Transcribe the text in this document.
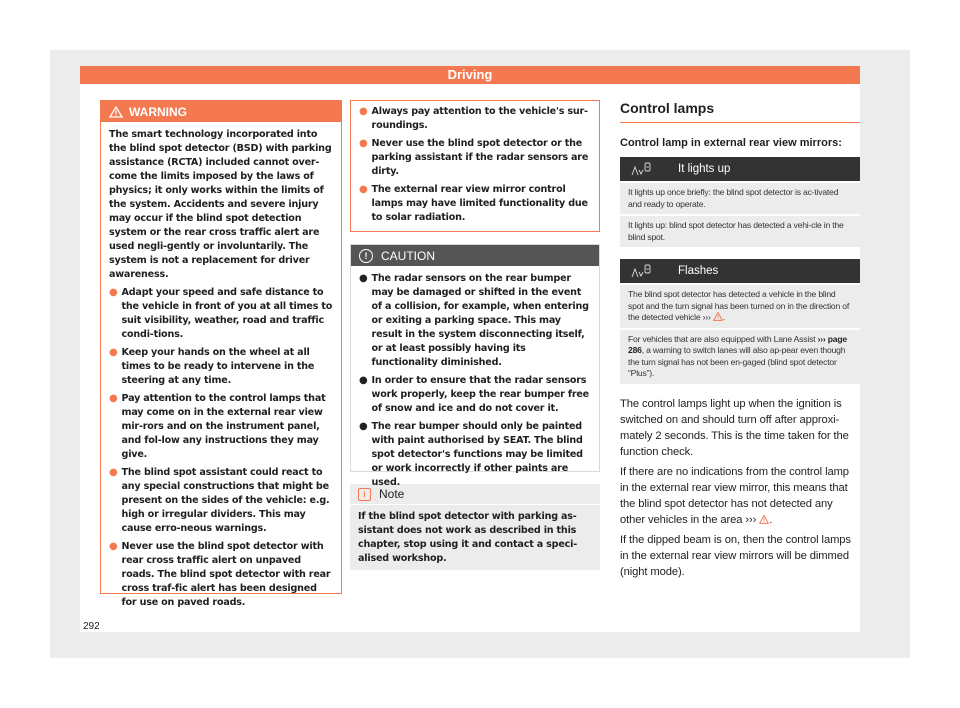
Driving
WARNING

The smart technology incorporated into the blind spot detector (BSD) with parking assistance (RCTA) included cannot over-come the limits imposed by the laws of physics; it only works within the limits of the system. Accidents and severe injury may occur if the blind spot detection system or the rear cross traffic alert are used negli-gently or involuntarily. The system is not a replacement for driver awareness.

● Adapt your speed and safe distance to the vehicle in front of you at all times to suit visibility, weather, road and traffic condi-tions.
● Keep your hands on the wheel at all times to be ready to intervene in the steering at any time.
● Pay attention to the control lamps that may come on in the external rear view mir-rors and on the instrument panel, and fol-low any instructions they may give.
● The blind spot assistant could react to any special constructions that might be present on the sides of the vehicle: e.g. high or irregular dividers. This may cause erro-neous warnings.
● Never use the blind spot detector with rear cross traffic alert on unpaved roads. The blind spot detector with rear cross traf-fic alert has been designed for use on paved roads.
● Always pay attention to the vehicle's sur-roundings.
● Never use the blind spot detector or the parking assistant if the radar sensors are dirty.
● The external rear view mirror control lamps may have limited functionality due to solar radiation.
!	CAUTION
● The radar sensors on the rear bumper may be damaged or shifted in the event of a collision, for example, when entering or exiting a parking space. This may result in the system disconnecting itself, or at least possibly having its functionality diminished.
● In order to ensure that the radar sensors work properly, keep the rear bumper free of snow and ice and do not cover it.
● The rear bumper should only be painted with paint authorised by SEAT. The blind spot detector's functions may be limited or work incorrectly if other paints are used.
i	Note
If the blind spot detector with parking as-sistant does not work as described in this chapter, stop using it and contact a speci-alised workshop.
Control lamps
Control lamp in external rear view mirrors:
It lights up
It lights up once briefly: the blind spot detector is ac-tivated and ready to operate.
It lights up: blind spot detector has detected a vehi-cle in the blind spot.
Flashes
The blind spot detector has detected a vehicle in the blind spot and the turn signal has been turned on in the direction of the detected vehicle ››› .
For vehicles that are also equipped with Lane Assist ››› page 286, a warning to switch lanes will also ap-pear even though the turn signal has not been en-gaged (blind spot detector “Plus”).

The control lamps light up when the ignition is switched on and should turn off after approxi-mately 2 seconds. This is the time taken for the function check.

If there are no indications from the control lamp in the external rear view mirror, this means that the blind spot detector has not detected any other vehicles in the area ››› .

If the dipped beam is on, then the control lamps in the external rear view mirrors will be dimmed (night mode).

292
